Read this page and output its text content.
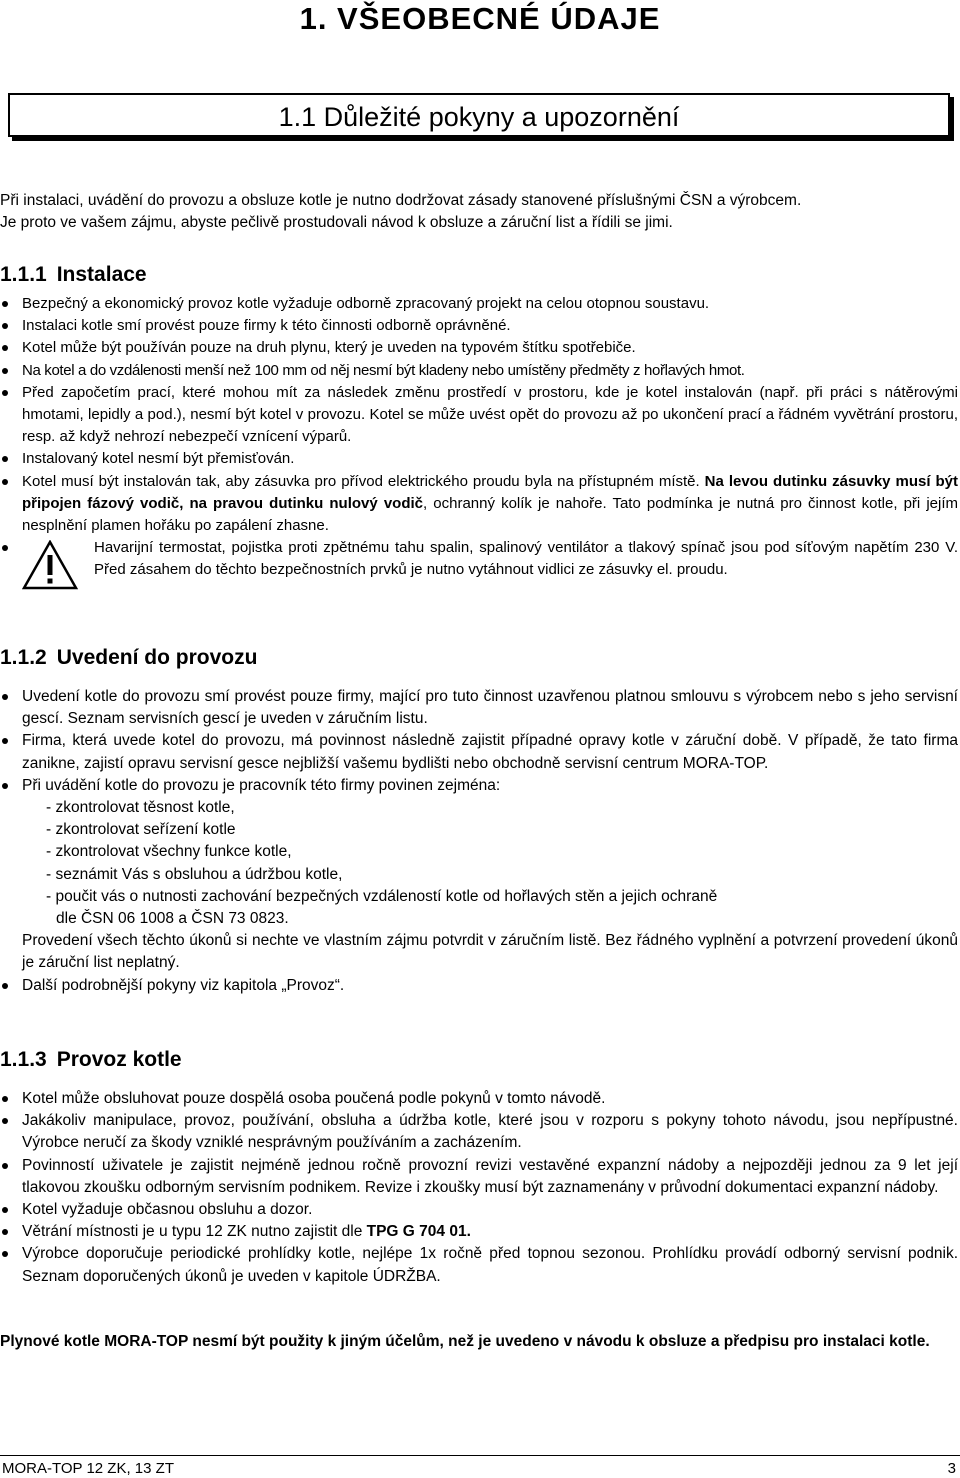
1. VŠEOBECNÉ ÚDAJE
1.1 Důležité pokyny a upozornění
Při instalaci, uvádění do provozu a obsluze kotle je nutno dodržovat zásady stanovené příslušnými ČSN a výrobcem.
Je proto ve vašem zájmu, abyste pečlivě prostudovali návod k obsluze a záruční list a řídili se jimi.
1.1.1 Instalace
Bezpečný a ekonomický provoz kotle vyžaduje odborně zpracovaný projekt na celou otopnou soustavu.
Instalaci kotle smí provést pouze firmy k této činnosti odborně oprávněné.
Kotel může být používán pouze na druh plynu, který je uveden na typovém štítku spotřebiče.
Na kotel a do vzdálenosti menší než 100 mm od něj nesmí být kladeny nebo umístěny předměty z hořlavých hmot.
Před započetím prací, které mohou mít za následek změnu prostředí v prostoru, kde je kotel instalován (např. při práci s nátěrovými hmotami, lepidly a pod.), nesmí být kotel v provozu. Kotel se může uvést opět do provozu až po ukončení prací a řádném vyvětrání prostoru, resp. až když nehrozí nebezpečí vznícení výparů.
Instalovaný kotel nesmí být přemisťován.
Kotel musí být instalován tak, aby zásuvka pro přívod elektrického proudu byla na přístupném místě. Na levou dutinku zásuvky musí být připojen fázový vodič, na pravou dutinku nulový vodič, ochranný kolík je nahoře. Tato podmínka je nutná pro činnost kotle, při jejím nesplnění plamen hořáku po zapálení zhasne.
Havarijní termostat, pojistka proti zpětnému tahu spalin, spalinový ventilátor a tlakový spínač jsou pod síťovým napětím 230 V. Před zásahem do těchto bezpečnostních prvků je nutno vytáhnout vidlici ze zásuvky el. proudu.
1.1.2 Uvedení do provozu
Uvedení kotle do provozu smí provést pouze firmy, mající pro tuto činnost uzavřenou platnou smlouvu s výrobcem nebo s jeho servisní gescí. Seznam servisních gescí je uveden v záručním listu.
Firma, která uvede kotel do provozu, má povinnost následně zajistit případné opravy kotle v záruční době. V případě, že tato firma zanikne, zajistí opravu servisní gesce nejbližší vašemu bydlišti nebo obchodně servisní centrum MORA-TOP.
Při uvádění kotle do provozu je pracovník této firmy povinen zejména:
- zkontrolovat těsnost kotle,
- zkontrolovat seřízení kotle
- zkontrolovat všechny funkce kotle,
- seznámit Vás s obsluhou a údržbou kotle,
- poučit vás o nutnosti zachování bezpečných vzdáleností kotle od hořlavých stěn a jejich ochraně
dle ČSN 06 1008 a ČSN 73 0823.
Provedení všech těchto úkonů si nechte ve vlastním zájmu potvrdit v záručním listě. Bez řádného vyplnění a potvrzení provedení úkonů je záruční list neplatný.
Další podrobnější pokyny viz kapitola „Provoz“.
1.1.3 Provoz kotle
Kotel může obsluhovat pouze dospělá osoba poučená podle pokynů v tomto návodě.
Jakákoliv manipulace, provoz, používání, obsluha a údržba kotle, které jsou v rozporu s pokyny tohoto návodu, jsou nepřípustné. Výrobce neručí za škody vzniklé nesprávným používáním a zacházením.
Povinností uživatele je zajistit nejméně jednou ročně provozní revizi vestavěné expanzní nádoby a nejpozději jednou za 9 let její tlakovou zkoušku odborným servisním podnikem. Revize i zkoušky musí být zaznamenány v průvodní dokumentaci expanzní nádoby.
Kotel vyžaduje občasnou obsluhu a dozor.
Větrání místnosti je u typu 12 ZK nutno zajistit dle TPG G 704 01.
Výrobce doporučuje periodické prohlídky kotle, nejlépe 1x ročně před topnou sezonou. Prohlídku provádí odborný servisní podnik. Seznam doporučených úkonů je uveden v kapitole ÚDRŽBA.
Plynové kotle MORA-TOP nesmí být použity k jiným účelům, než je uvedeno v návodu k obsluze a předpisu pro instalaci kotle.
MORA-TOP 12 ZK, 13 ZT	3
